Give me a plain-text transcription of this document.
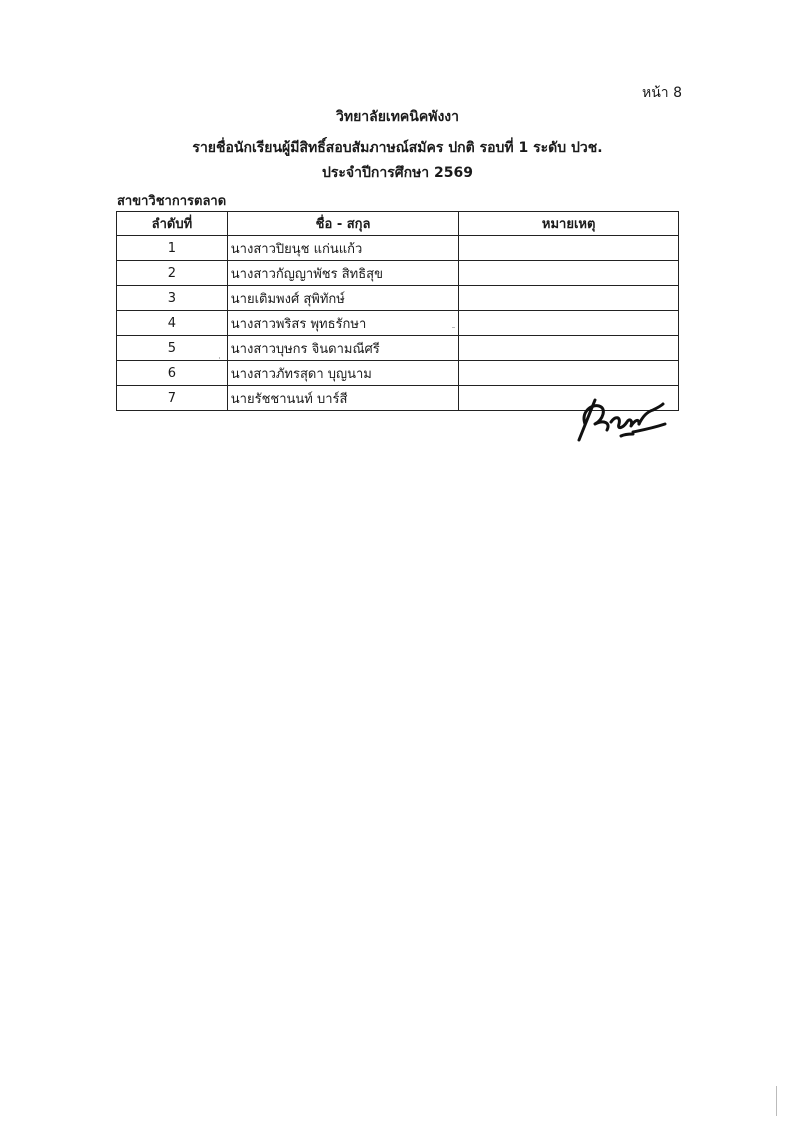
หน้า 8
วิทยาลัยเทคนิคพังงา
รายชื่อนักเรียนผู้มีสิทธิ์สอบสัมภาษณ์สมัคร ปกติ รอบที่ 1 ระดับ ปวช.
ประจำปีการศึกษา 2569
สาขาวิชาการตลาด
ลำดับที่	ชื่อ - สกุล	หมายเหตุ
1	นางสาวปิยนุช แก่นแก้ว	
2	นางสาวกัญญาพัชร สิทธิสุข	
3	นายเติมพงศ์ สุพิทักษ์	
4	นางสาวพริสร พุทธรักษา	
5	นางสาวบุษกร จินดามณีศรี	
6	นางสาวภัทรสุดา บุญนาม	
7	นายรัชชานนท์ บาร์สี	
